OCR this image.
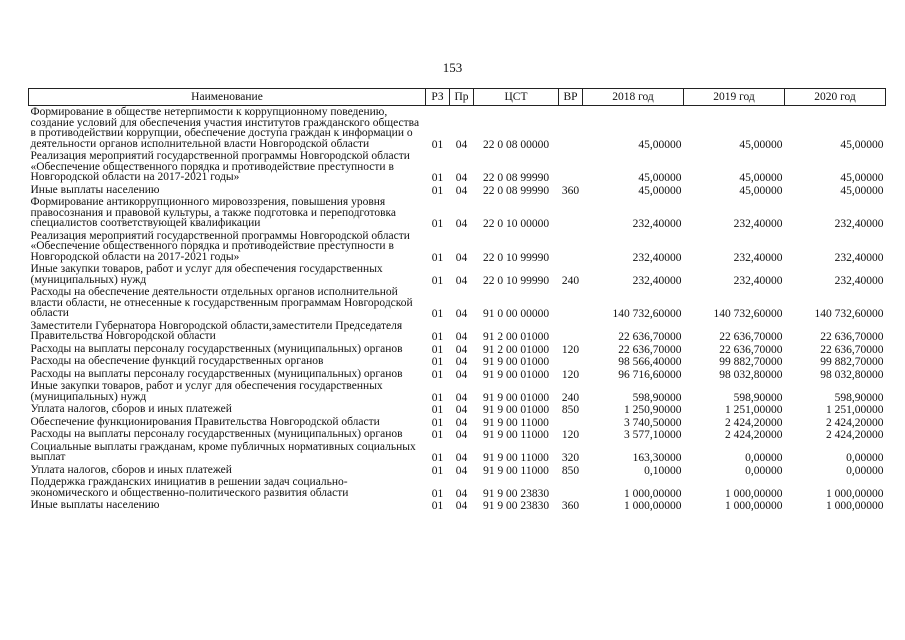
153
Наименование	РЗ	Пр	ЦСТ	ВР	2018 год	2019 год	2020 год
Формирование в обществе нетерпимости к коррупционному поведению, создание условий для обеспечения участия институтов гражданского общества в противодействии коррупции, обеспечение доступа граждан к информации о деятельности органов исполнительной власти Новгородской области	01	04	22 0 08 00000		45,00000	45,00000	45,00000
Реализация мероприятий государственной программы Новгородской области «Обеспечение общественного порядка и противодействие преступности в Новгородской области на 2017-2021 годы»	01	04	22 0 08 99990		45,00000	45,00000	45,00000
Иные выплаты населению	01	04	22 0 08 99990	360	45,00000	45,00000	45,00000
Формирование антикоррупционного мировоззрения, повышения уровня правосознания и правовой культуры, а также подготовка и переподготовка специалистов соответствующей квалификации	01	04	22 0 10 00000		232,40000	232,40000	232,40000
Реализация мероприятий государственной программы Новгородской области «Обеспечение общественного порядка и противодействие преступности в Новгородской области на 2017-2021 годы»	01	04	22 0 10 99990		232,40000	232,40000	232,40000
Иные закупки товаров, работ и услуг для обеспечения государственных (муниципальных) нужд	01	04	22 0 10 99990	240	232,40000	232,40000	232,40000
Расходы на обеспечение деятельности отдельных органов исполнительной власти области, не отнесенные к государственным программам Новгородской области	01	04	91 0 00 00000		140 732,60000	140 732,60000	140 732,60000
Заместители Губернатора Новгородской области,заместители Председателя Правительства Новгородской области	01	04	91 2 00 01000		22 636,70000	22 636,70000	22 636,70000
Расходы на выплаты персоналу государственных (муниципальных) органов	01	04	91 2 00 01000	120	22 636,70000	22 636,70000	22 636,70000
Расходы на обеспечение функций государственных органов	01	04	91 9 00 01000		98 566,40000	99 882,70000	99 882,70000
Расходы на выплаты персоналу государственных (муниципальных) органов	01	04	91 9 00 01000	120	96 716,60000	98 032,80000	98 032,80000
Иные закупки товаров, работ и услуг для обеспечения государственных (муниципальных) нужд	01	04	91 9 00 01000	240	598,90000	598,90000	598,90000
Уплата налогов, сборов и иных платежей	01	04	91 9 00 01000	850	1 250,90000	1 251,00000	1 251,00000
Обеспечение функционирования Правительства Новгородской области	01	04	91 9 00 11000		3 740,50000	2 424,20000	2 424,20000
Расходы на выплаты персоналу государственных (муниципальных) органов	01	04	91 9 00 11000	120	3 577,10000	2 424,20000	2 424,20000
Социальные выплаты гражданам, кроме публичных нормативных социальных выплат	01	04	91 9 00 11000	320	163,30000	0,00000	0,00000
Уплата налогов, сборов и иных платежей	01	04	91 9 00 11000	850	0,10000	0,00000	0,00000
Поддержка гражданских инициатив в решении задач социально-экономического и общественно-политического развития области	01	04	91 9 00 23830		1 000,00000	1 000,00000	1 000,00000
Иные выплаты населению	01	04	91 9 00 23830	360	1 000,00000	1 000,00000	1 000,00000
